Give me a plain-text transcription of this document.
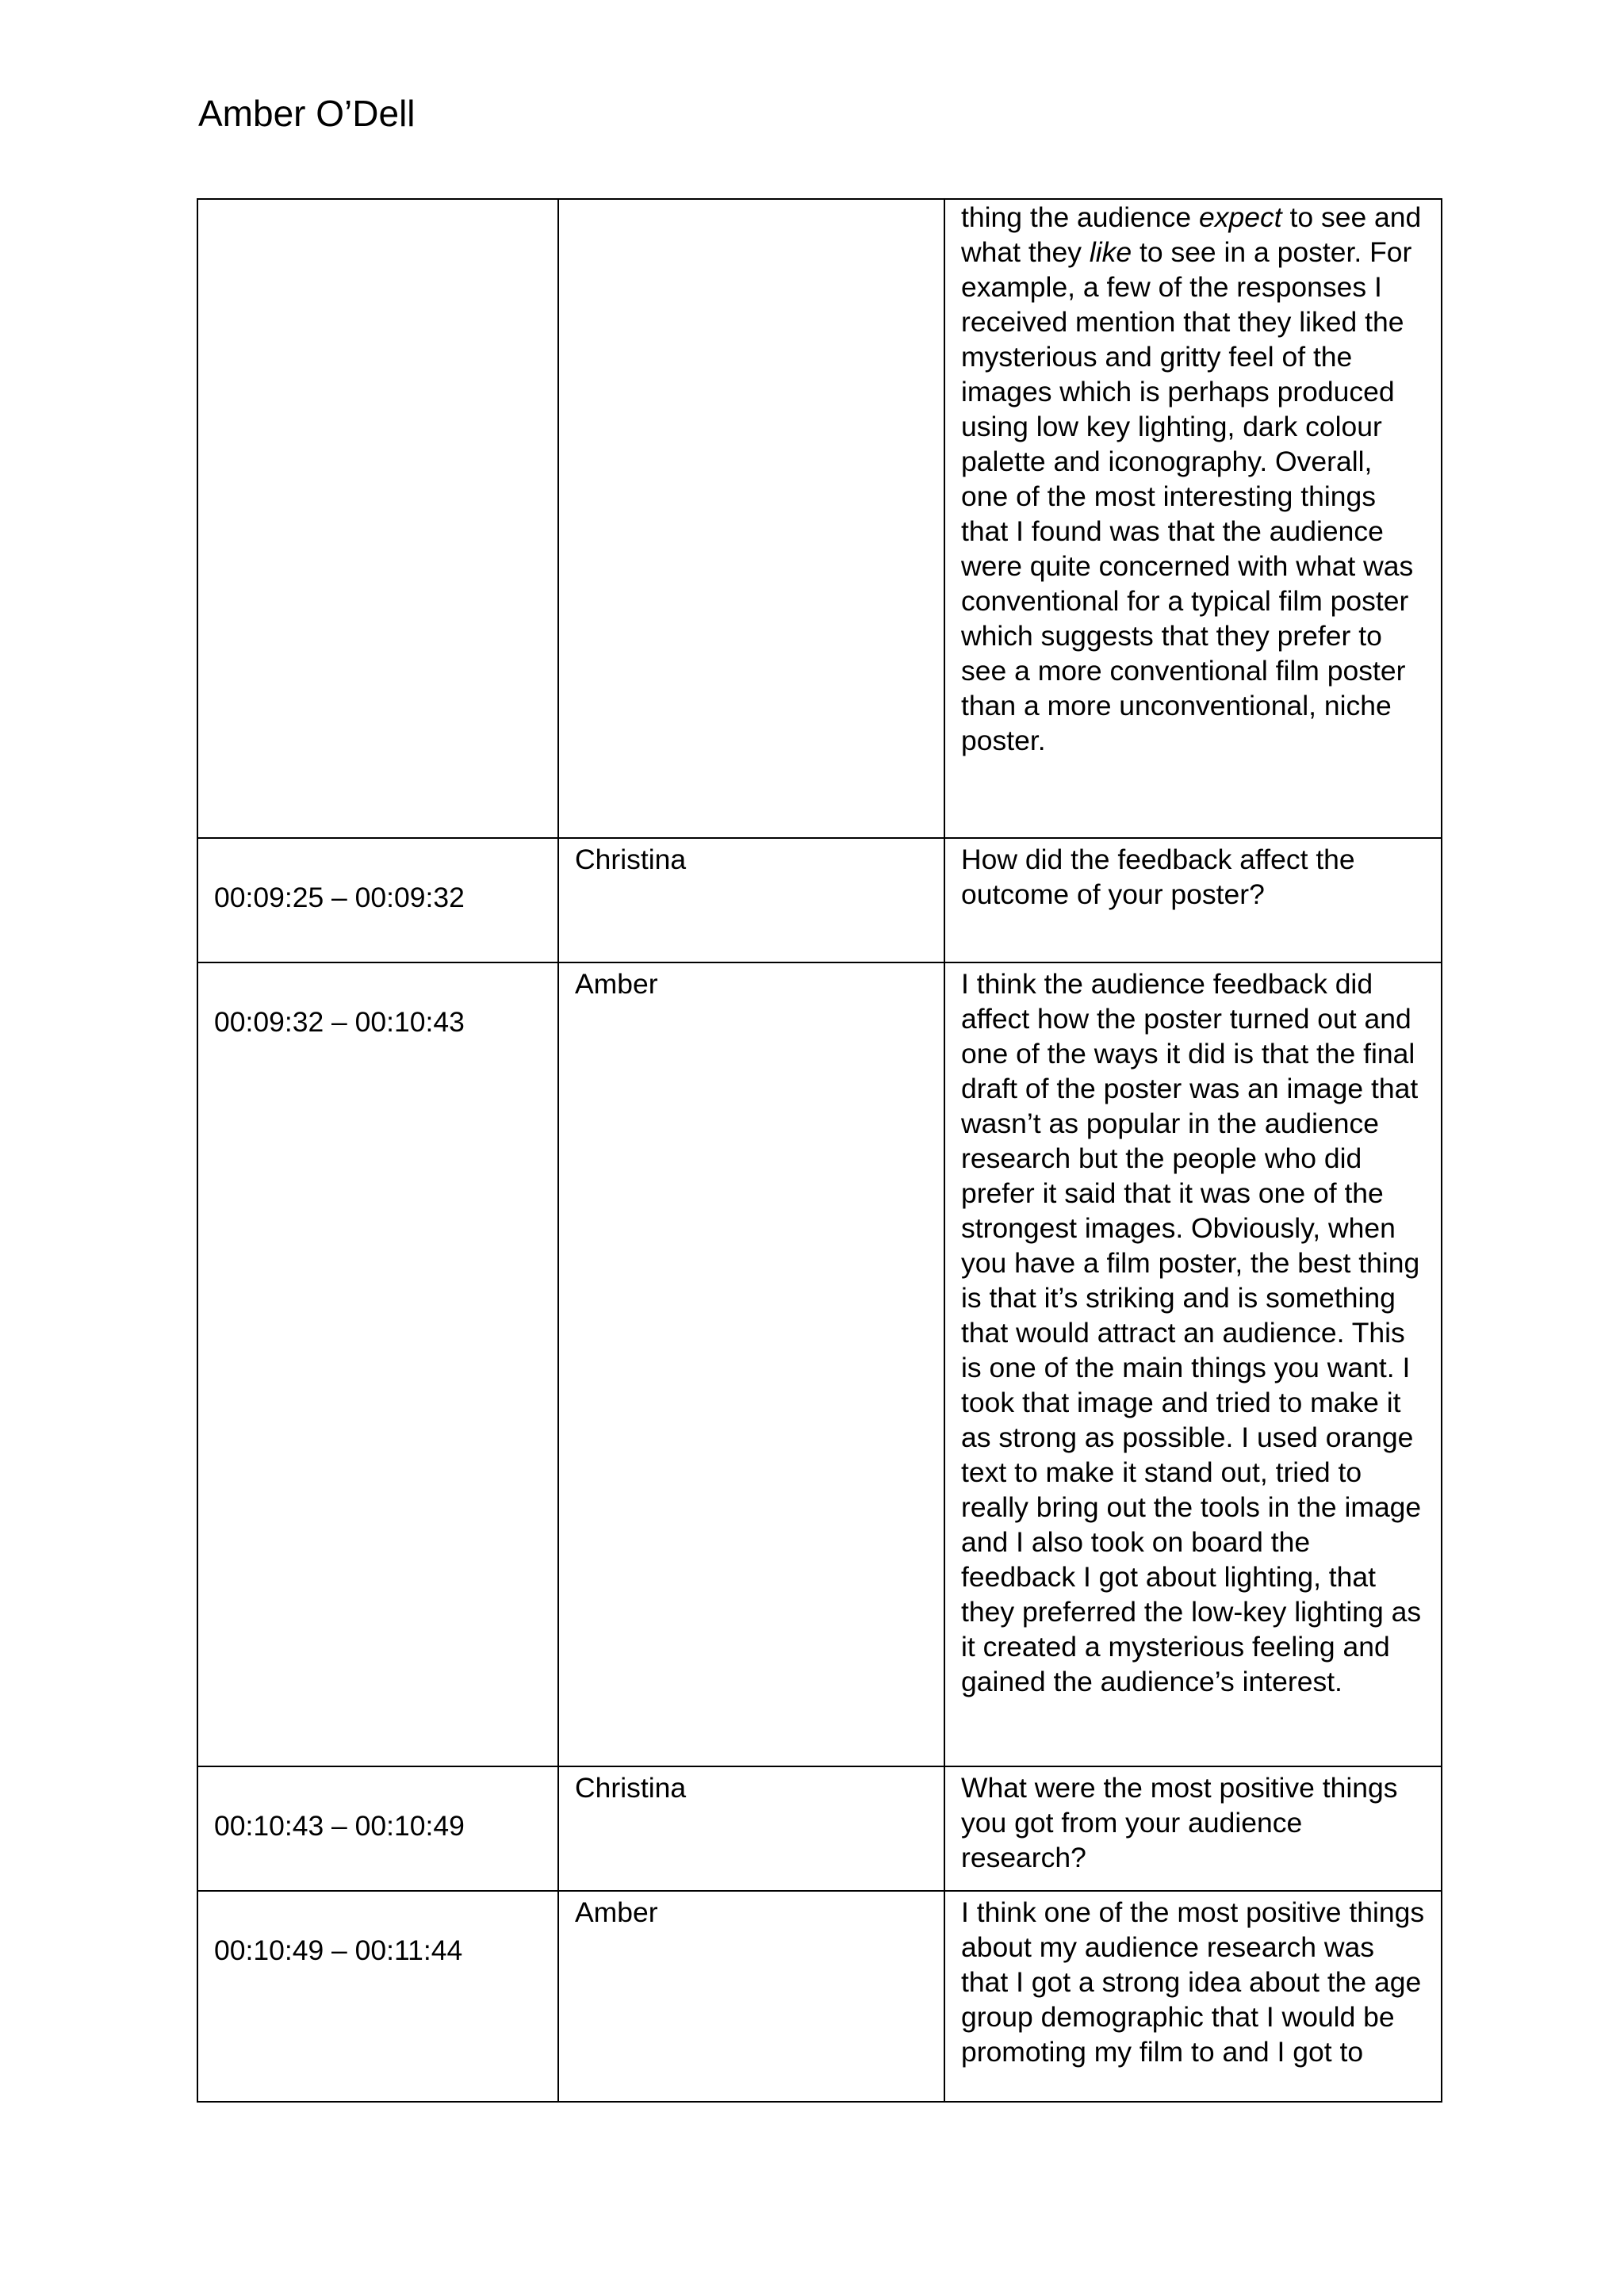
Amber O’Dell
		thing the audience expect to see and what they like to see in a poster. For example, a few of the responses I received mention that they liked the mysterious and gritty feel of the images which is perhaps produced using low key lighting, dark colour palette and iconography. Overall, one of the most interesting things that I found was that the audience were quite concerned with what was conventional for a typical film poster which suggests that they prefer to see a more conventional film poster than a more unconventional, niche poster.
00:09:25 – 00:09:32	Christina	How did the feedback affect the outcome of your poster?
00:09:32 – 00:10:43	Amber	I think the audience feedback did affect how the poster turned out and one of the ways it did is that the final draft of the poster was an image that wasn’t as popular in the audience research but the people who did prefer it said that it was one of the strongest images. Obviously, when you have a film poster, the best thing is that it’s striking and is something that would attract an audience. This is one of the main things you want. I took that image and tried to make it as strong as possible. I used orange text to make it stand out, tried to really bring out the tools in the image and I also took on board the feedback I got about lighting, that they preferred the low-key lighting as it created a mysterious feeling and gained the audience’s interest.
00:10:43 – 00:10:49	Christina	What were the most positive things you got from your audience research?
00:10:49 – 00:11:44	Amber	I think one of the most positive things about my audience research was that I got a strong idea about the age group demographic that I would be promoting my film to and I got to
